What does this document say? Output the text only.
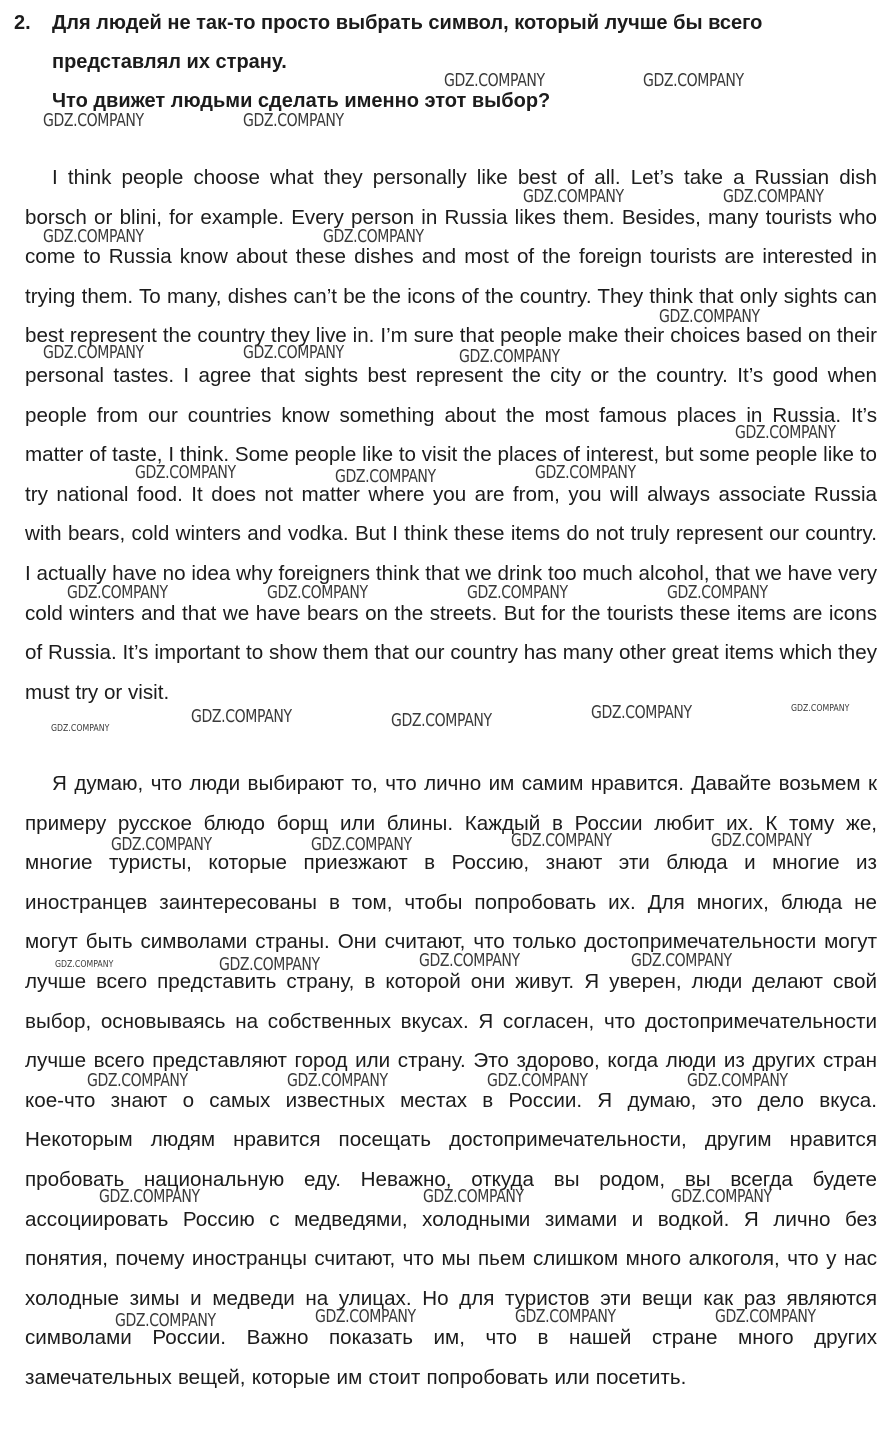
2. Для людей не так-то просто выбрать символ, который лучше бы всего
представлял их страну.
Что движет людьми сделать именно этот выбор?

I think people choose what they personally like best of all. Let’s take a Russian dish borsch or blini, for example. Every person in Russia likes them. Besides, many tourists who come to Russia know about these dishes and most of the foreign tourists are interested in trying them. To many, dishes can’t be the icons of the country. They think that only sights can best represent the country they live in. I’m sure that people make their choices based on their personal tastes. I agree that sights best represent the city or the country. It’s good when people from our countries know something about the most famous places in Russia. It’s matter of taste, I think. Some people like to visit the places of interest, but some people like to try national food. It does not matter where you are from, you will always associate Russia with bears, cold winters and vodka. But I think these items do not truly represent our country. I actually have no idea why foreigners think that we drink too much alcohol, that we have very cold winters and that we have bears on the streets. But for the tourists these items are icons of Russia. It’s important to show them that our country has many other great items which they must try or visit.

Я думаю, что люди выбирают то, что лично им самим нравится. Давайте возьмем к примеру русское блюдо борщ или блины. Каждый в России любит их. К тому же, многие туристы, которые приезжают в Россию, знают эти блюда и многие из иностранцев заинтересованы в том, чтобы попробовать их. Для многих, блюда не могут быть символами страны. Они считают, что только достопримечательности могут лучше всего представить страну, в которой они живут. Я уверен, люди делают свой выбор, основываясь на собственных вкусах. Я согласен, что достопримечательности лучше всего представляют город или страну. Это здорово, когда люди из других стран кое-что знают о самых известных местах в России. Я думаю, это дело вкуса. Некоторым людям нравится посещать достопримечательности, другим нравится пробовать национальную еду. Неважно, откуда вы родом, вы всегда будете ассоциировать Россию с медведями, холодными зимами и водкой. Я лично без понятия, почему иностранцы считают, что мы пьем слишком много алкоголя, что у нас холодные зимы и медведи на улицах. Но для туристов эти вещи как раз являются символами России. Важно показать им, что в нашей стране много других замечательных вещей, которые им стоит попробовать или посетить.

GDZ.COMPANY	GDZ.COMPANY
GDZ.COMPANY	GDZ.COMPANY
GDZ.COMPANY	GDZ.COMPANY
GDZ.COMPANY	GDZ.COMPANY
GDZ.COMPANY
GDZ.COMPANY	GDZ.COMPANY	GDZ.COMPANY
GDZ.COMPANY
GDZ.COMPANY	GDZ.COMPANY	GDZ.COMPANY
GDZ.COMPANY	GDZ.COMPANY	GDZ.COMPANY	GDZ.COMPANY
GDZ.COMPANY	GDZ.COMPANY	GDZ.COMPANY
GDZ.COMPANY
GDZ.COMPANY
GDZ.COMPANY	GDZ.COMPANY	GDZ.COMPANY	GDZ.COMPANY
GDZ.COMPANY	GDZ.COMPANY	GDZ.COMPANY	GDZ.COMPANY
GDZ.COMPANY	GDZ.COMPANY	GDZ.COMPANY	GDZ.COMPANY
GDZ.COMPANY	GDZ.COMPANY	GDZ.COMPANY
GDZ.COMPANY	GDZ.COMPANY	GDZ.COMPANY	GDZ.COMPANY
